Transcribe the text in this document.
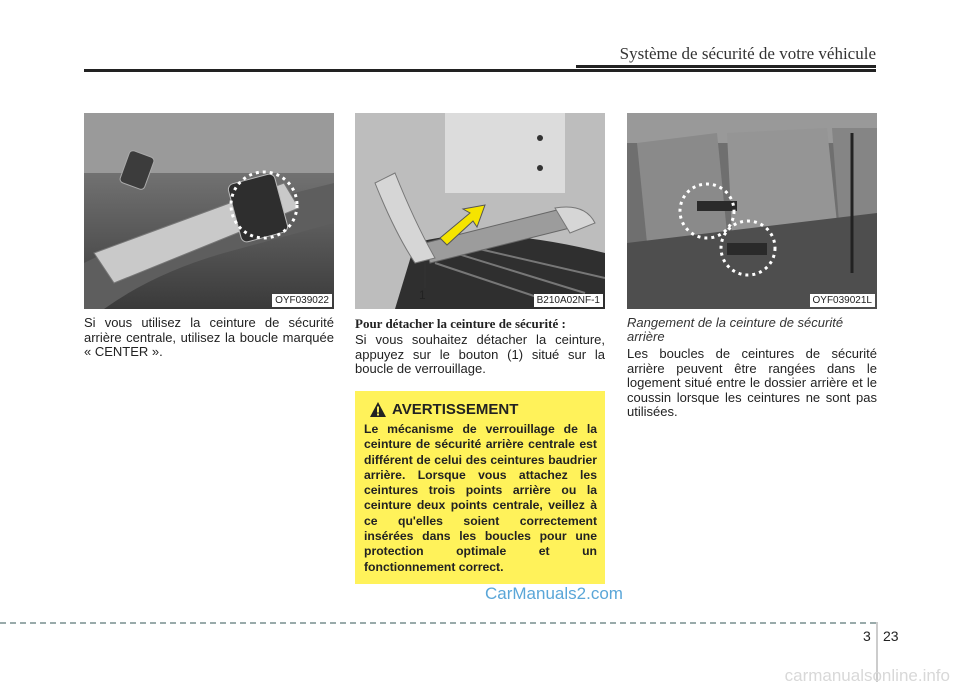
Système de sécurité de votre véhicule
OYF039022	1	B210A02NF-1	OYF039021L
Si vous utilisez la ceinture de sécurité arrière centrale, utilisez la boucle marquée « CENTER ».
Pour détacher la ceinture de sécurité :
Si vous souhaitez détacher la ceinture, appuyez sur le bouton (1) situé sur la boucle de verrouillage.
Rangement de la ceinture de sécurité arrière
Les boucles de ceintures de sécurité arrière peuvent être rangées dans le logement situé entre le dossier arrière et le coussin lorsque les ceintures ne sont pas utilisées.
AVERTISSEMENT
Le mécanisme de verrouillage de la ceinture de sécurité arrière centrale est différent de celui des ceintures baudrier arrière. Lorsque vous attachez les ceintures trois points arrière ou la ceinture deux points centrale, veillez à ce qu'elles soient correctement insérées dans les boucles pour une protection optimale et un fonctionnement correct.
CarManuals2.com
3 23
carmanualsonline.info
